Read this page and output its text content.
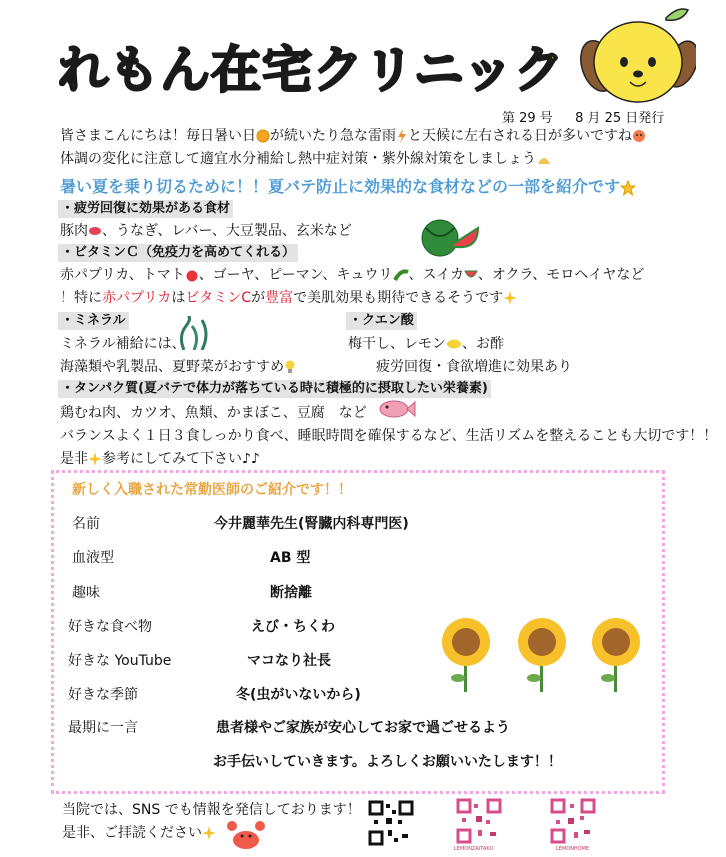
れもん在宅クリニック
第 29 号 8 月 25 日発行
皆さまこんにちは！毎日暑い日 が続いたり急な雷雨 と天候に左右される日が多いですね
体調の変化に注意して適宜水分補給し熱中症対策・紫外線対策をしましょう
暑い夏を乗り切るために！！夏バテ防止に効果的な食材などの一部を紹介です
・疲労回復に効果がある食材
豚肉 、うなぎ、レバー、大豆製品、玄米など
・ビタミンＣ（免疫力を高めてくれる）
赤パプリカ、トマト 、ゴーヤ、ピーマン、キュウリ 、スイカ 、オクラ、モロヘイヤなど
！特に赤パプリカはビタミンCが豊富で美肌効果も期待できるそうです
・ミネラル
ミネラル補給には、
海藻類や乳製品、夏野菜がおすすめ
・クエン酸
梅干し、レモン 、お酢
疲労回復・食欲増進に効果あり
・タンパク質(夏バテで体力が落ちている時に積極的に摂取したい栄養素)
鶏むね肉、カツオ、魚類、かまぼこ、豆腐　など
バランスよく１日３食しっかり食べ、睡眠時間を確保するなど、生活リズムを整えることも大切です！！
是非 参考にしてみて下さい♪♪
新しく入職された常勤医師のご紹介です！！
名前	今井麗華先生(腎臓内科専門医)
血液型	AB 型
趣味	断捨離
好きな食べ物	えび・ちくわ
好きな YouTube	マコなり社長
好きな季節	冬(虫がいないから)
最期に一言	患者様やご家族が安心してお家で過ごせるよう
お手伝いしていきます。よろしくお願いいたします！！
当院では、SNS でも情報を発信しております！
是非、ご拝読ください
LEMONZAITAKU	LEMONHOME
